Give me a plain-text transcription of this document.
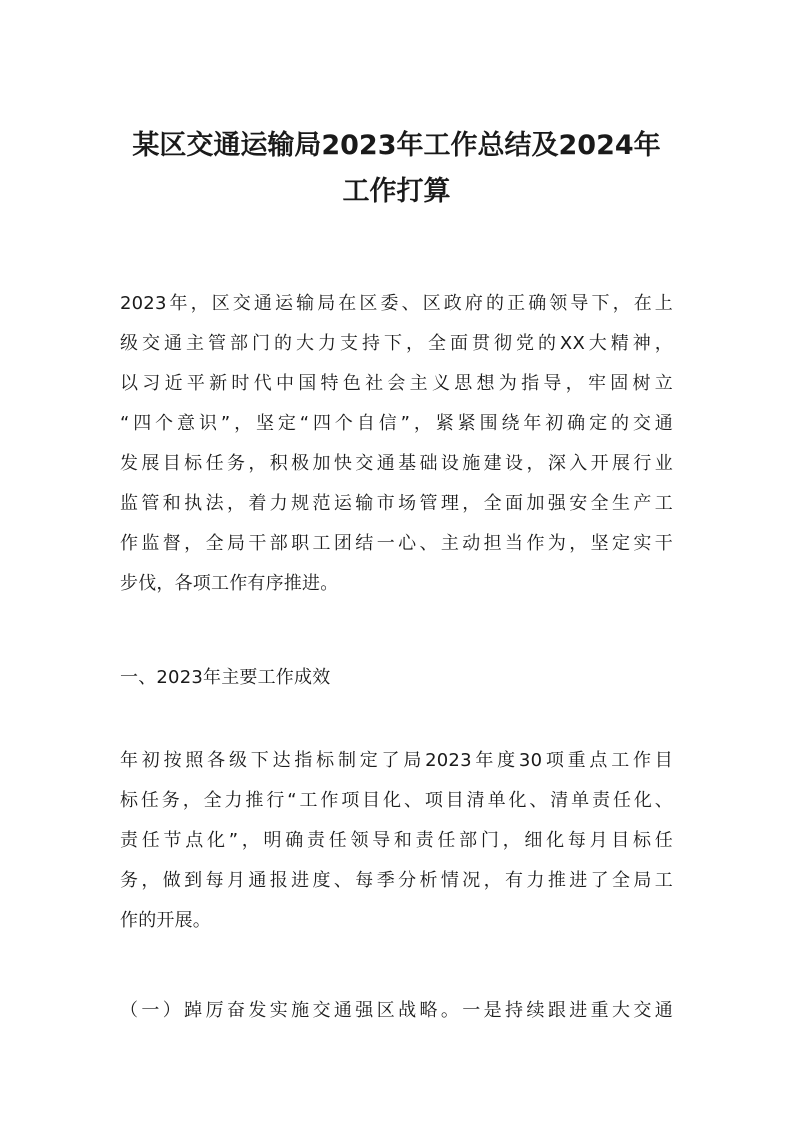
某区交通运输局2023年工作总结及2024年
工作打算
2023年，区交通运输局在区委、区政府的正确领导下，在上
级交通主管部门的大力支持下，全面贯彻党的XX大精神，
以习近平新时代中国特色社会主义思想为指导，牢固树立
“四个意识”，坚定“四个自信”，紧紧围绕年初确定的交通
发展目标任务，积极加快交通基础设施建设，深入开展行业
监管和执法，着力规范运输市场管理，全面加强安全生产工
作监督，全局干部职工团结一心、主动担当作为，坚定实干
步伐，各项工作有序推进。
一、2023年主要工作成效
年初按照各级下达指标制定了局2023年度30项重点工作目
标任务，全力推行“工作项目化、项目清单化、清单责任化、
责任节点化”，明确责任领导和责任部门，细化每月目标任
务，做到每月通报进度、每季分析情况，有力推进了全局工
作的开展。
（一）踔厉奋发实施交通强区战略。一是持续跟进重大交通
